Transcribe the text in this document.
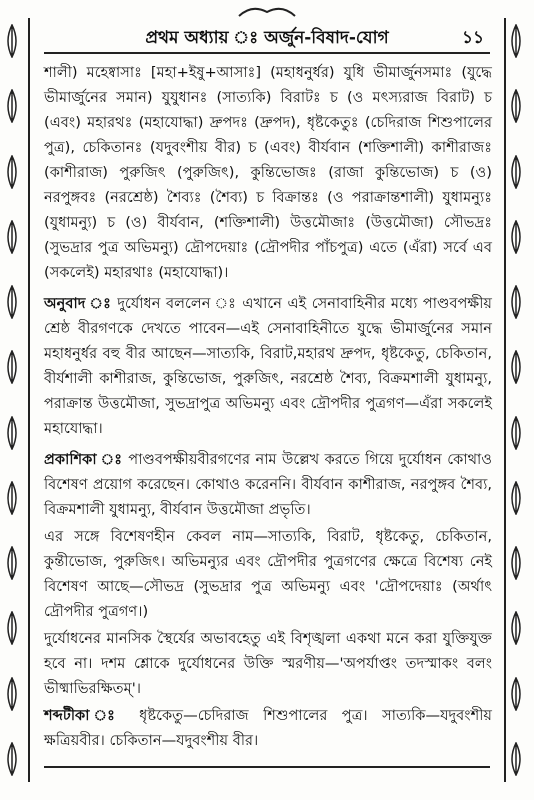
প্রথম অধ্যায় ঃ অর্জুন-বিষাদ-যোগ	১১

শালী) মহেষ্বাসাঃ [মহা+ইষু+আসাঃ] (মহাধনুর্ধর) যুধি ভীমার্জুনসমাঃ (যুদ্ধে ভীমার্জুনের সমান) যুযুধানঃ (সাত্যকি) বিরাটঃ চ (ও মৎস্যরাজ বিরাট) চ (এবং) মহারথঃ (মহাযোদ্ধা) দ্রুপদঃ (দ্রুপদ), ধৃষ্টকেতুঃ (চেদিরাজ শিশুপালের পুত্র), চেকিতানঃ (যদুবংশীয় বীর) চ (এবং) বীর্যবান (শক্তিশালী) কাশীরাজঃ (কাশীরাজ) পুরুজিৎ (পুরুজিৎ), কুন্তিভোজঃ (রাজা কুন্তিভোজ) চ (ও) নরপুঙ্গবঃ (নরশ্রেষ্ঠ) শৈব্যঃ (শৈব্য) চ বিক্রান্তঃ (ও পরাক্রান্তশালী) যুধামন্যুঃ (যুধামন্যু) চ (ও) বীর্যবান, (শক্তিশালী) উত্তমৌজাঃ (উত্তমৌজা) সৌভদ্রঃ (সুভদ্রার পুত্র অভিমন্যু) দ্রৌপদেয়াঃ (দ্রৌপদীর পাঁচপুত্র) এতে (এঁরা) সর্বে এব (সকলেই) মহারথাঃ (মহাযোদ্ধা)।

অনুবাদ ঃ দুর্যোধন বললেন ঃ এখানে এই সেনাবাহিনীর মধ্যে পাণ্ডবপক্ষীয় শ্রেষ্ঠ বীরগণকে দেখতে পাবেন—এই সেনাবাহিনীতে যুদ্ধে ভীমার্জুনের সমান মহাধনুর্ধর বহু বীর আছেন—সাত্যকি, বিরাট,মহারথ দ্রুপদ, ধৃষ্টকেতু, চেকিতান, বীর্যশালী কাশীরাজ, কুন্তিভোজ, পুরুজিৎ, নরশ্রেষ্ঠ শৈব্য, বিক্রমশালী যুধামন্যু, পরাক্রান্ত উত্তমৌজা, সুভদ্রাপুত্র অভিমন্যু এবং দ্রৌপদীর পুত্রগণ—এঁরা সকলেই মহাযোদ্ধা।

প্রকাশিকা ঃ পাণ্ডবপক্ষীয়বীরগণের নাম উল্লেখ করতে গিয়ে দুর্যোধন কোথাও বিশেষণ প্রয়োগ করেছেন। কোথাও করেননি। বীর্যবান কাশীরাজ, নরপুঙ্গব শৈব্য, বিক্রমশালী যুধামন্যু, বীর্যবান উত্তমৌজা প্রভৃতি।

এর সঙ্গে বিশেষণহীন কেবল নাম—সাত্যকি, বিরাট, ধৃষ্টকেতু, চেকিতান, কুন্তীভোজ, পুরুজিৎ। অভিমন্যুর এবং দ্রৌপদীর পুত্রগণের ক্ষেত্রে বিশেষ্য নেই বিশেষণ আছে—সৌভদ্র (সুভদ্রার পুত্র অভিমন্যু এবং 'দ্রৌপদেয়াঃ (অর্থাৎ দ্রৌপদীর পুত্রগণ।)

দুর্যোধনের মানসিক স্থৈর্যের অভাবহেতু এই বিশৃঙ্খলা একথা মনে করা যুক্তিযুক্ত হবে না। দশম শ্লোকে দুর্যোধনের উক্তি স্মরণীয়—'অপর্যাপ্তং তদস্মাকং বলং ভীষ্মাভিরক্ষিতম্'।

শব্দটীকা ঃ ধৃষ্টকেতু—চেদিরাজ শিশুপালের পুত্র। সাত্যকি—যদুবংশীয় ক্ষত্রিয়বীর। চেকিতান—যদুবংশীয় বীর।
